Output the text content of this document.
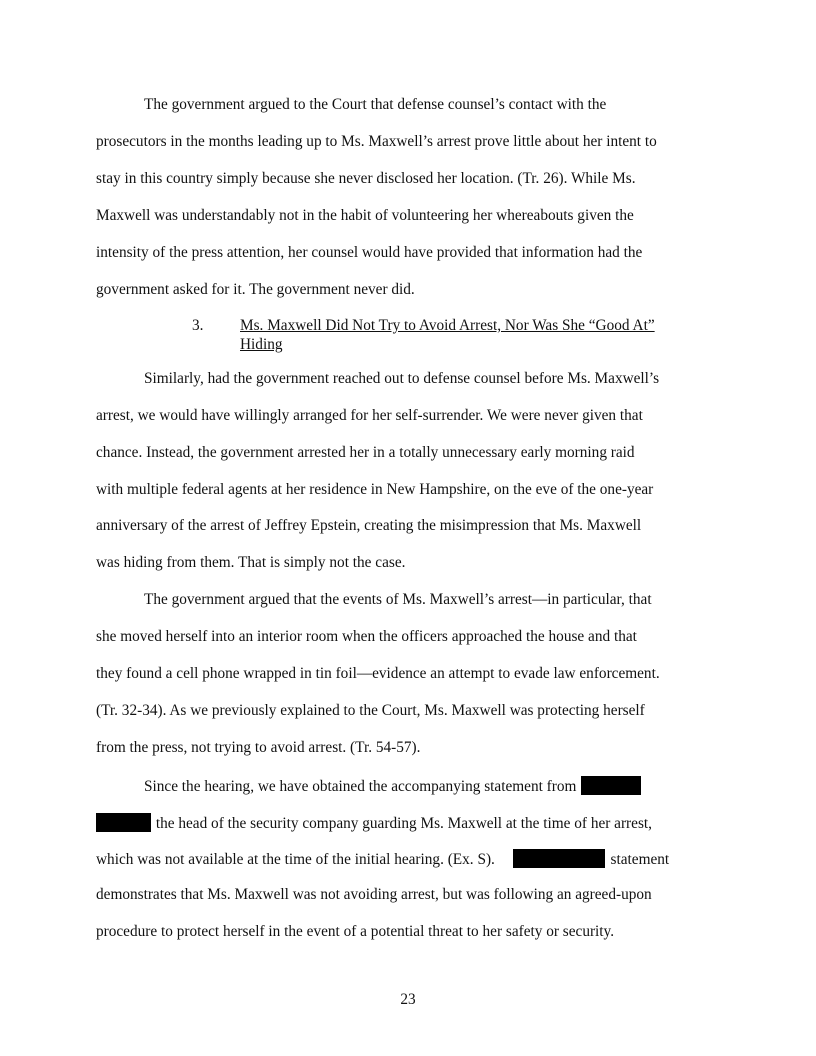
The government argued to the Court that defense counsel’s contact with the
prosecutors in the months leading up to Ms. Maxwell’s arrest prove little about her intent to
stay in this country simply because she never disclosed her location. (Tr. 26). While Ms.
Maxwell was understandably not in the habit of volunteering her whereabouts given the
intensity of the press attention, her counsel would have provided that information had the
government asked for it. The government never did.
3. Ms. Maxwell Did Not Try to Avoid Arrest, Nor Was She “Good At”
Hiding
Similarly, had the government reached out to defense counsel before Ms. Maxwell’s
arrest, we would have willingly arranged for her self-surrender. We were never given that
chance. Instead, the government arrested her in a totally unnecessary early morning raid
with multiple federal agents at her residence in New Hampshire, on the eve of the one-year
anniversary of the arrest of Jeffrey Epstein, creating the misimpression that Ms. Maxwell
was hiding from them. That is simply not the case.
The government argued that the events of Ms. Maxwell’s arrest—in particular, that
she moved herself into an interior room when the officers approached the house and that
they found a cell phone wrapped in tin foil—evidence an attempt to evade law enforcement.
(Tr. 32-34). As we previously explained to the Court, Ms. Maxwell was protecting herself
from the press, not trying to avoid arrest. (Tr. 54-57).
Since the hearing, we have obtained the accompanying statement from
the head of the security company guarding Ms. Maxwell at the time of her arrest,
which was not available at the time of the initial hearing. (Ex. S).	statement
demonstrates that Ms. Maxwell was not avoiding arrest, but was following an agreed-upon
procedure to protect herself in the event of a potential threat to her safety or security.
23
